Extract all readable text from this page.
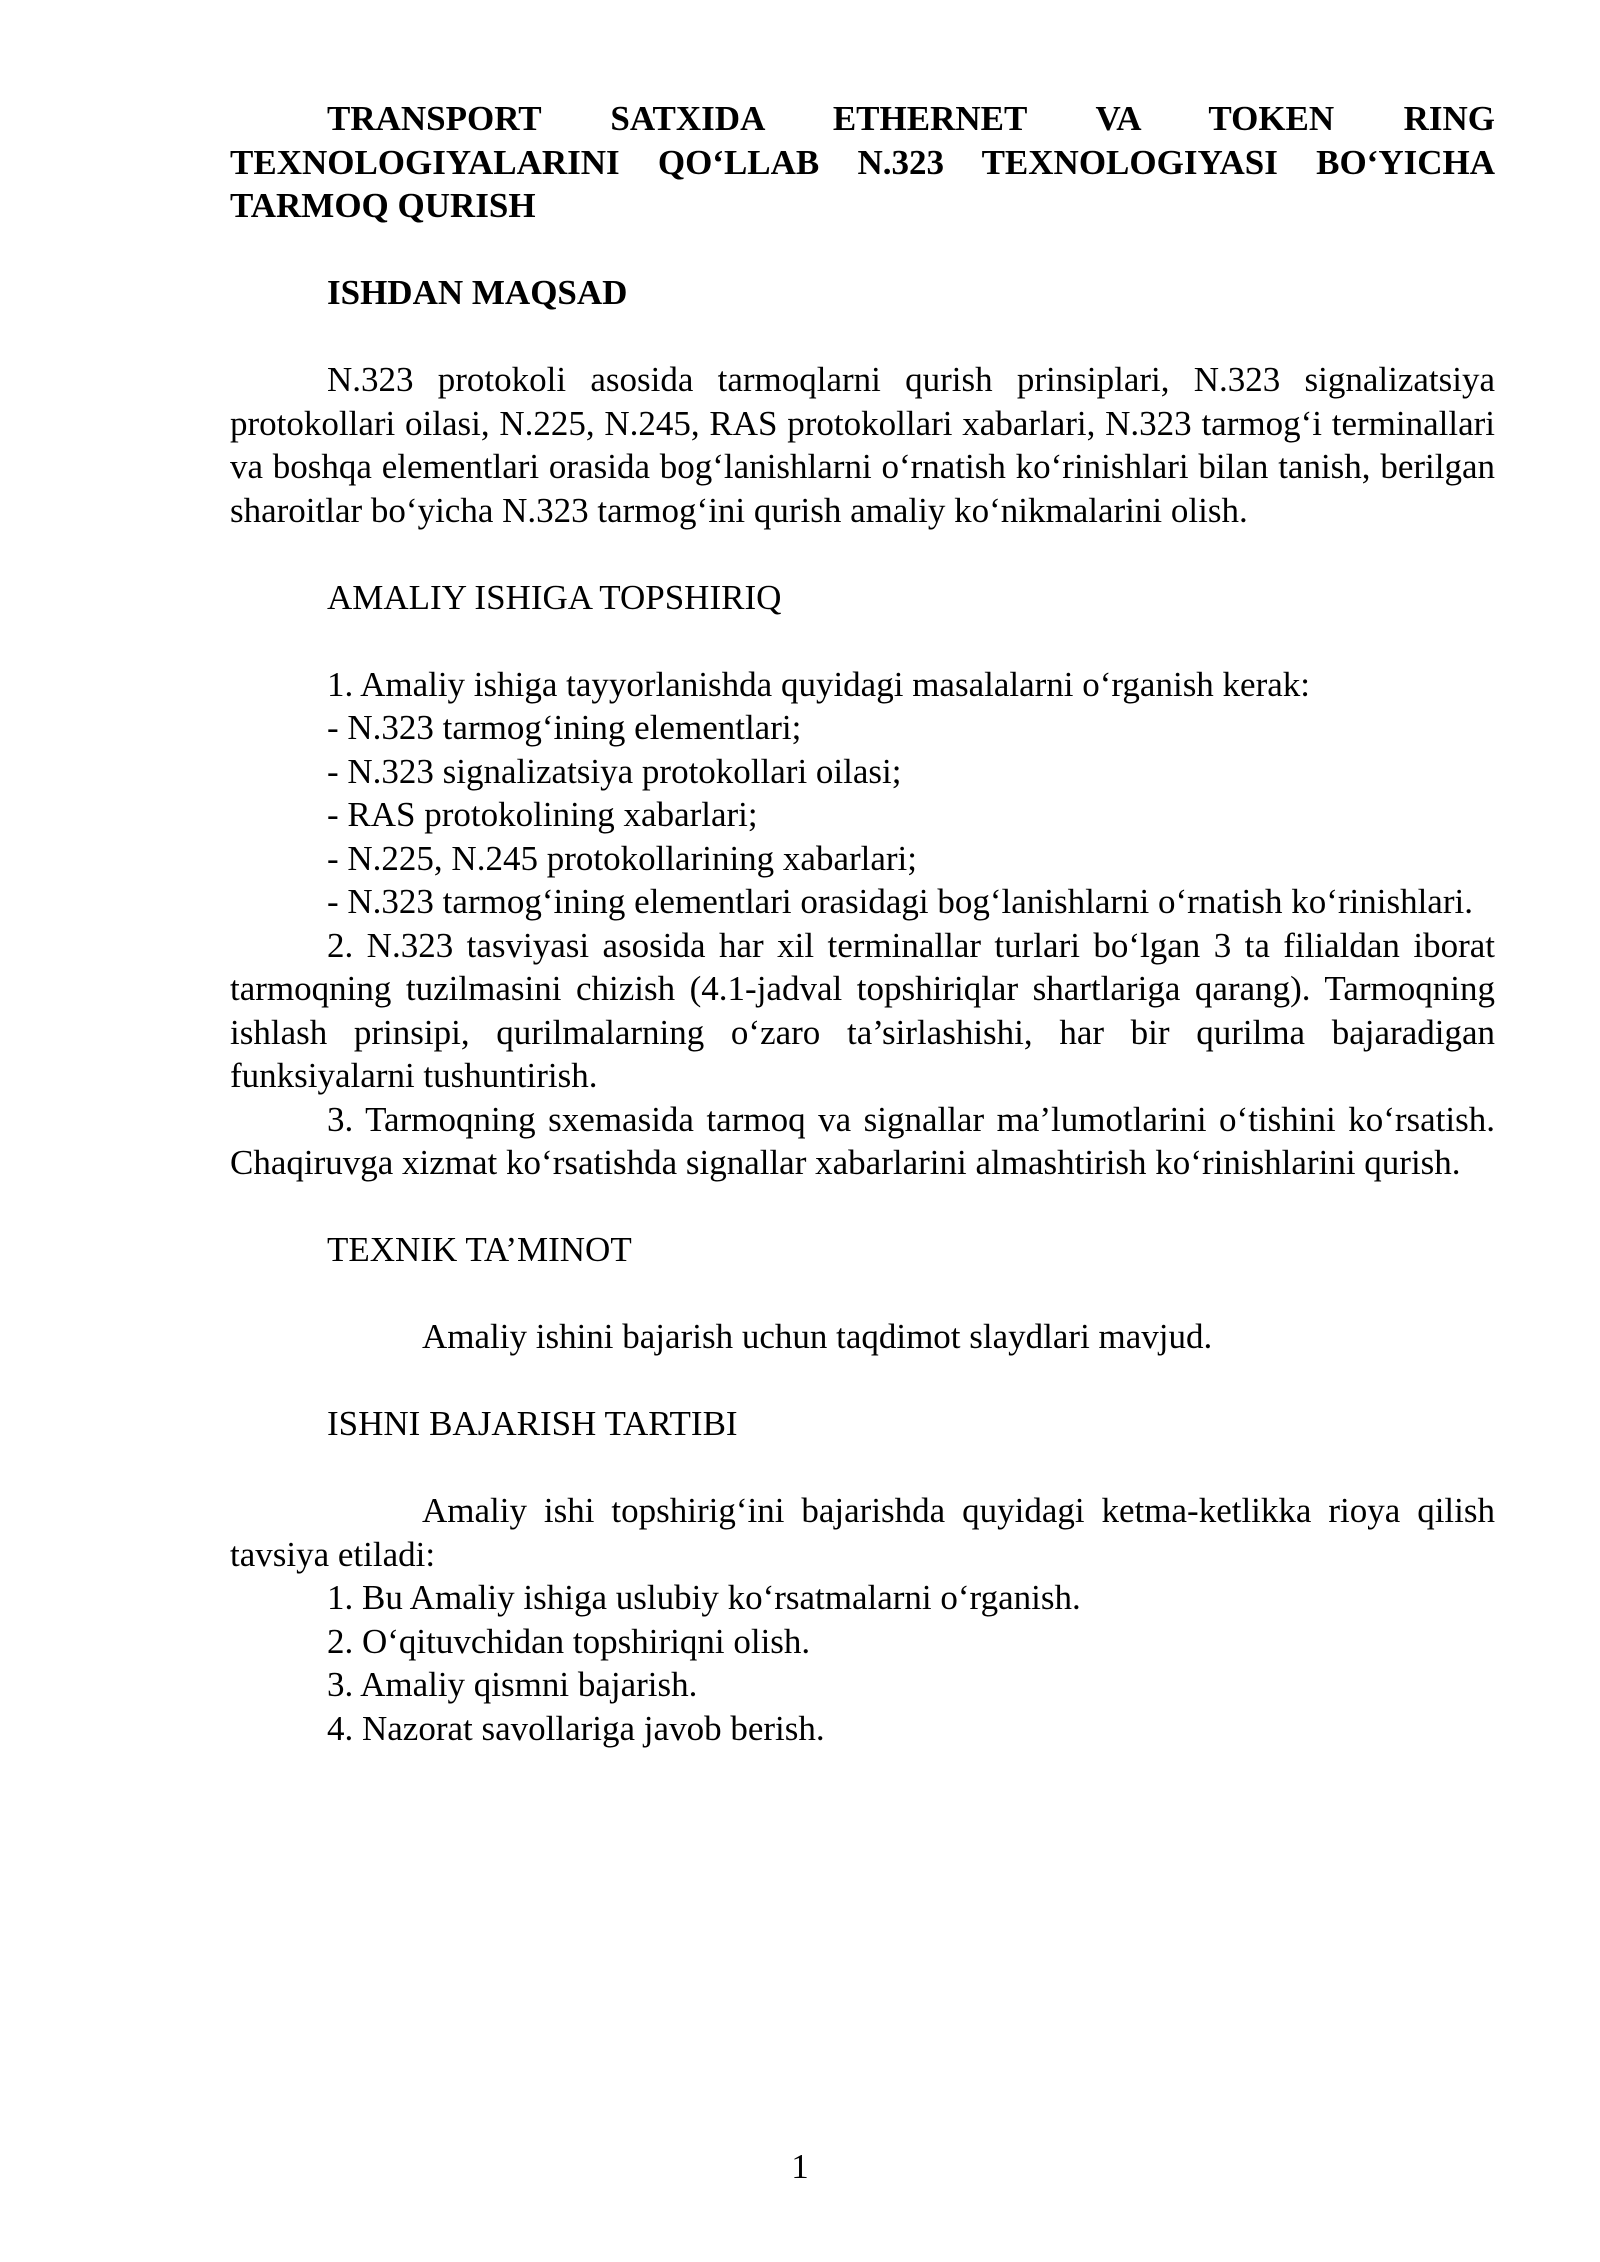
TRANSPORT SATXIDA ETHERNET VA TOKEN RING TEXNOLOGIYALARINI QO‘LLAB N.323 TEXNOLOGIYASI BO‘YICHA TARMOQ QURISH

ISHDAN MAQSAD

N.323 protokoli asosida tarmoqlarni qurish prinsiplari, N.323 signalizatsiya protokollari oilasi, N.225, N.245, RAS protokollari xabarlari, N.323 tarmog‘i terminallari va boshqa elementlari orasida bog‘lanishlarni o‘rnatish ko‘rinishlari bilan tanish, berilgan sharoitlar bo‘yicha N.323 tarmog‘ini qurish amaliy ko‘nikmalarini olish.

AMALIY ISHIGA TOPSHIRIQ

1. Amaliy ishiga tayyorlanishda quyidagi masalalarni o‘rganish kerak:

- N.323 tarmog‘ining elementlari;

- N.323 signalizatsiya protokollari oilasi;

- RAS protokolining xabarlari;

- N.225, N.245 protokollarining xabarlari;

- N.323 tarmog‘ining elementlari orasidagi bog‘lanishlarni o‘rnatish ko‘rinishlari.

2. N.323 tasviyasi asosida har xil terminallar turlari bo‘lgan 3 ta filialdan iborat tarmoqning tuzilmasini chizish (4.1-jadval topshiriqlar shartlariga qarang). Tarmoqning ishlash prinsipi, qurilmalarning o‘zaro ta’sirlashishi, har bir qurilma bajaradigan funksiyalarni tushuntirish.

3. Tarmoqning sxemasida tarmoq va signallar ma’lumotlarini o‘tishini ko‘rsatish. Chaqiruvga xizmat ko‘rsatishda signallar xabarlarini almashtirish ko‘rinishlarini qurish.

TEXNIK TA’MINOT

Amaliy ishini bajarish uchun taqdimot slaydlari mavjud.

ISHNI BAJARISH TARTIBI

Amaliy ishi topshirig‘ini bajarishda quyidagi ketma-ketlikka rioya qilish tavsiya etiladi:

1. Bu Amaliy ishiga uslubiy ko‘rsatmalarni o‘rganish.

2. O‘qituvchidan topshiriqni olish.

3. Amaliy qismni bajarish.

4. Nazorat savollariga javob berish.

1
